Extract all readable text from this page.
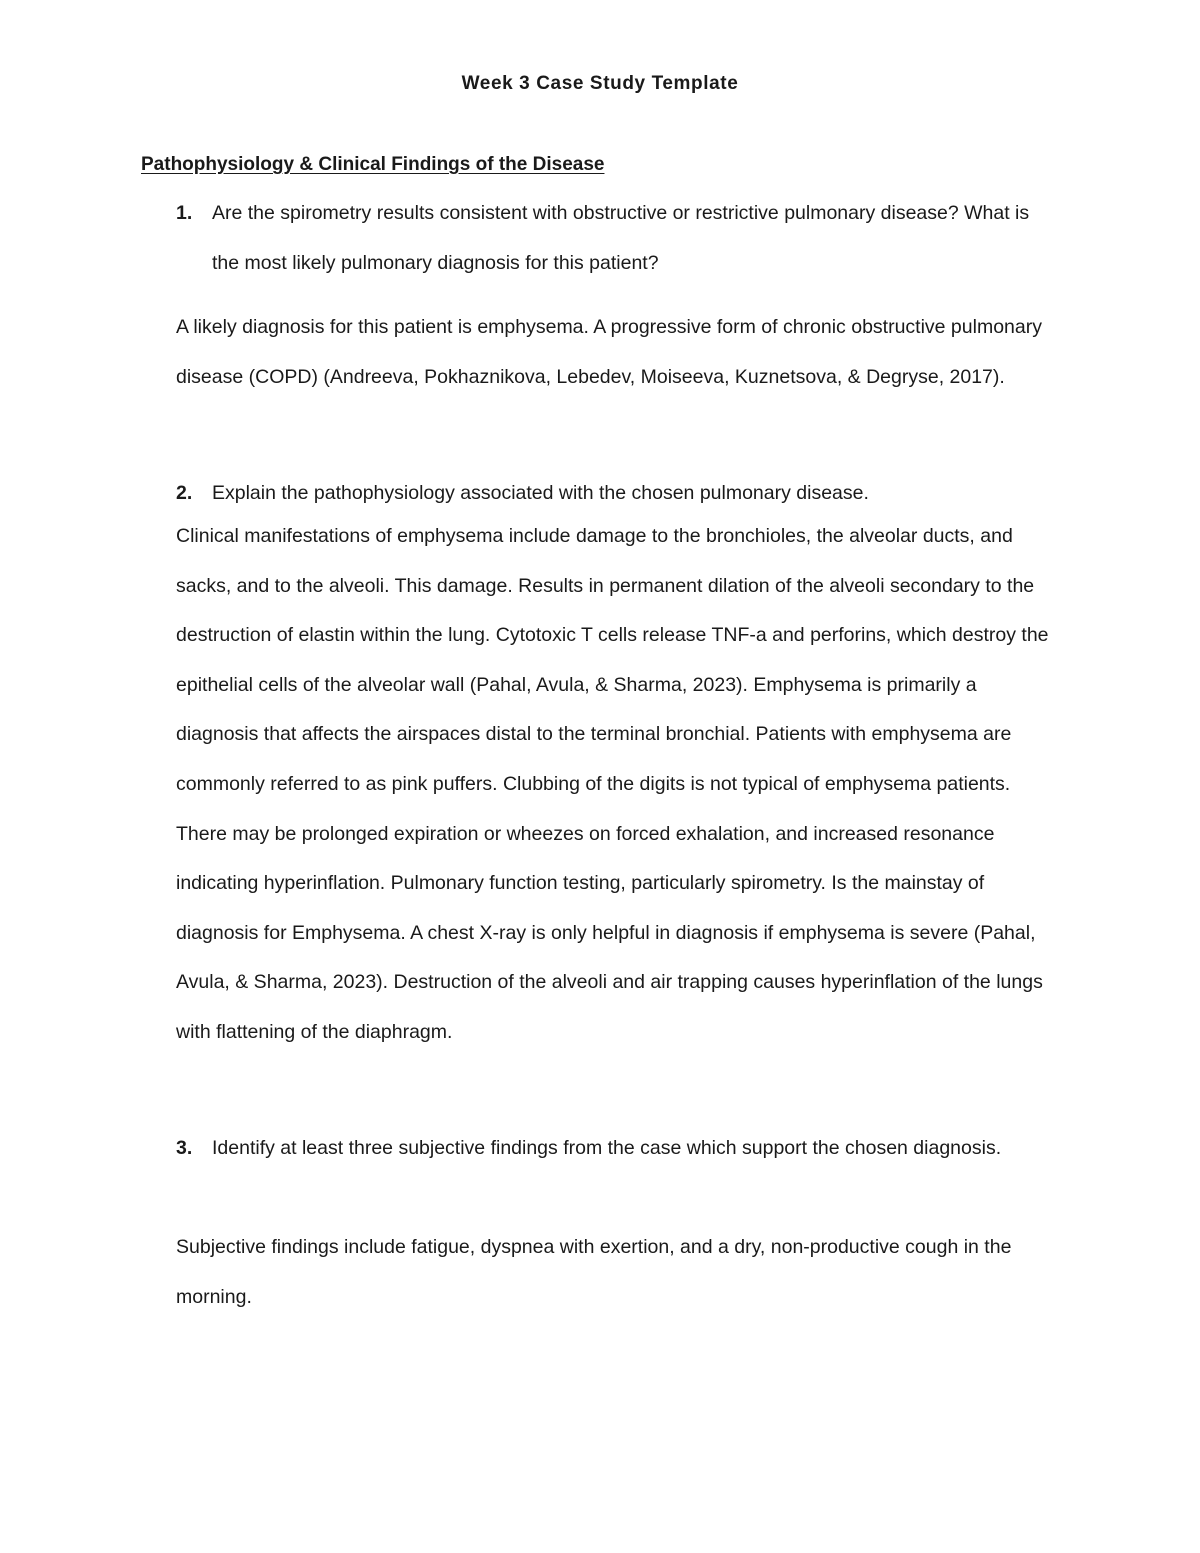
Week 3 Case Study Template
Pathophysiology & Clinical Findings of the Disease
1.	Are the spirometry results consistent with obstructive or restrictive pulmonary disease? What is the most likely pulmonary diagnosis for this patient?
A likely diagnosis for this patient is emphysema. A progressive form of chronic obstructive pulmonary disease (COPD) (Andreeva, Pokhaznikova, Lebedev, Moiseeva, Kuznetsova, & Degryse, 2017).
2.	Explain the pathophysiology associated with the chosen pulmonary disease.
Clinical manifestations of emphysema include damage to the bronchioles, the alveolar ducts, and sacks, and to the alveoli. This damage. Results in permanent dilation of the alveoli secondary to the destruction of elastin within the lung. Cytotoxic T cells release TNF-a and perforins, which destroy the epithelial cells of the alveolar wall (Pahal, Avula, & Sharma, 2023). Emphysema is primarily a diagnosis that affects the airspaces distal to the terminal bronchial. Patients with emphysema are commonly referred to as pink puffers. Clubbing of the digits is not typical of emphysema patients. There may be prolonged expiration or wheezes on forced exhalation, and increased resonance indicating hyperinflation. Pulmonary function testing, particularly spirometry. Is the mainstay of diagnosis for Emphysema. A chest X-ray is only helpful in diagnosis if emphysema is severe (Pahal, Avula, & Sharma, 2023). Destruction of the alveoli and air trapping causes hyperinflation of the lungs with flattening of the diaphragm.
3.	Identify at least three subjective findings from the case which support the chosen diagnosis.
Subjective findings include fatigue, dyspnea with exertion, and a dry, non-productive cough in the morning.
